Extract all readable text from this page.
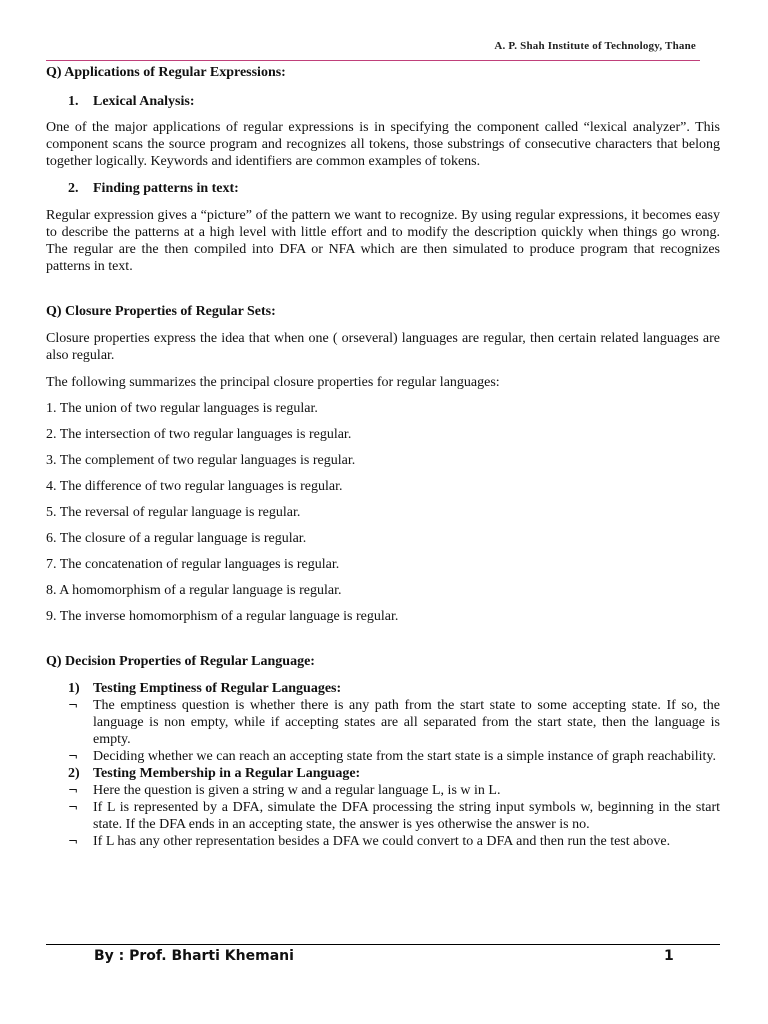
A. P. Shah Institute of Technology, Thane

Q) Applications of Regular Expressions:

1. Lexical Analysis:

One of the major applications of regular expressions is in specifying the component called “lexical analyzer”. This component scans the source program and recognizes all tokens, those substrings of consecutive characters that belong together logically. Keywords and identifiers are common examples of tokens.

2. Finding patterns in text:

Regular expression gives a “picture” of the pattern we want to recognize. By using regular expressions, it becomes easy to describe the patterns at a high level with little effort and to modify the description quickly when things go wrong. The regular are the then compiled into DFA or NFA which are then simulated to produce program that recognizes patterns in text.

Q) Closure Properties of Regular Sets:

Closure properties express the idea that when one ( orseveral) languages are regular, then certain related languages are also regular.

The following summarizes the principal closure properties for regular languages:

1. The union of two regular languages is regular.

2. The intersection of two regular languages is regular.

3. The complement of two regular languages is regular.

4. The difference of two regular languages is regular.

5. The reversal of regular language is regular.

6. The closure of a regular language is regular.

7. The concatenation of regular languages is regular.

8. A homomorphism of a regular language is regular.

9. The inverse homomorphism of a regular language is regular.

Q) Decision Properties of Regular Language:

1) Testing Emptiness of Regular Languages:

¬ The emptiness question is whether there is any path from the start state to some accepting state. If so, the language is non empty, while if accepting states are all separated from the start state, then the language is empty.

¬ Deciding whether we can reach an accepting state from the start state is a simple instance of graph reachability.

2) Testing Membership in a Regular Language:

¬ Here the question is given a string w and a regular language L, is w in L.

¬ If L is represented by a DFA, simulate the DFA processing the string input symbols w, beginning in the start state. If the DFA ends in an accepting state, the answer is yes otherwise the answer is no.

¬ If L has any other representation besides a DFA we could convert to a DFA and then run the test above.

By : Prof. Bharti Khemani	1
